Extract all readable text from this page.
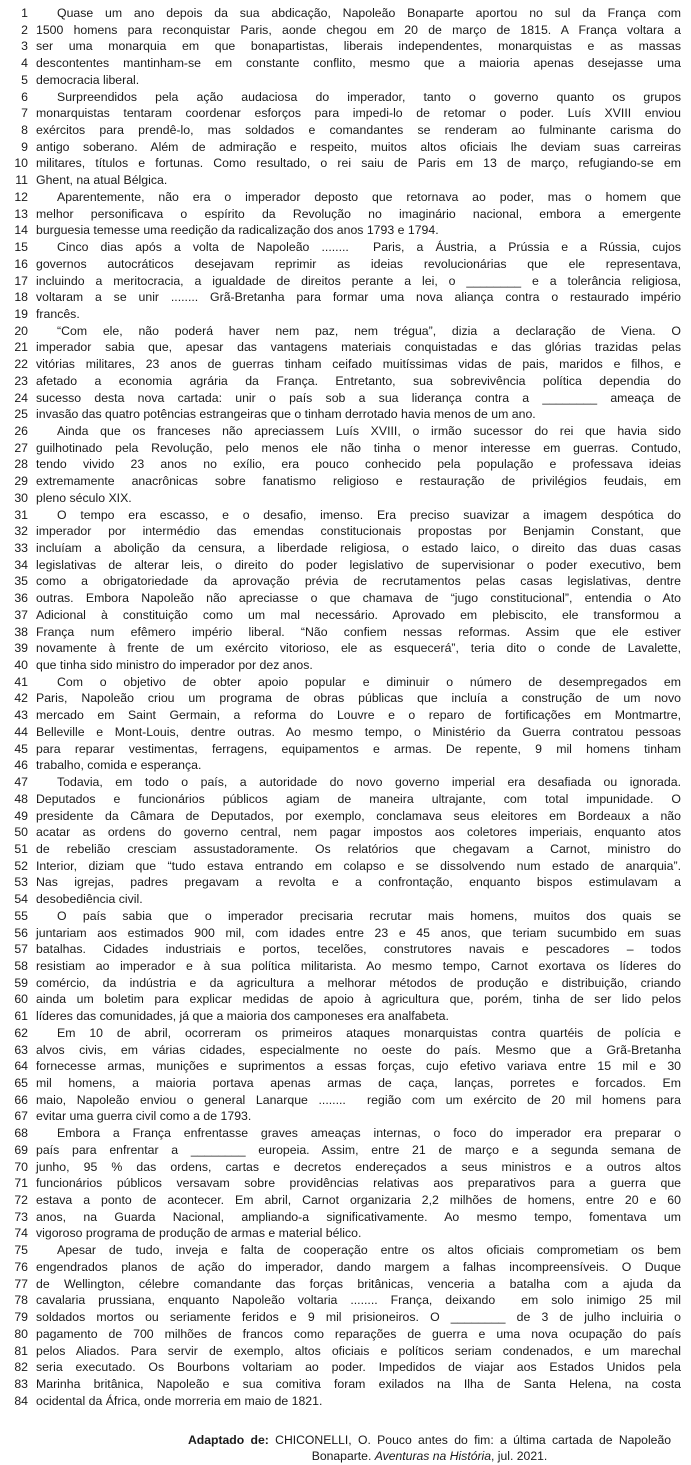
1	Quase um ano depois da sua abdicação, Napoleão Bonaparte aportou no sul da França com
2 1500 homens para reconquistar Paris, aonde chegou em 20 de março de 1815. A França voltara a
3 ser uma monarquia em que bonapartistas, liberais independentes, monarquistas e as massas
4 descontentes mantinham-se em constante conflito, mesmo que a maioria apenas desejasse uma
5 democracia liberal.
6	Surpreendidos pela ação audaciosa do imperador, tanto o governo quanto os grupos
7 monarquistas tentaram coordenar esforços para impedi-lo de retomar o poder. Luís XVIII enviou
8 exércitos para prendê-lo, mas soldados e comandantes se renderam ao fulminante carisma do
9 antigo soberano. Além de admiração e respeito, muitos altos oficiais lhe deviam suas carreiras
10 militares, títulos e fortunas. Como resultado, o rei saiu de Paris em 13 de março, refugiando-se em
11 Ghent, na atual Bélgica.
12	Aparentemente, não era o imperador deposto que retornava ao poder, mas o homem que
13 melhor personificava o espírito da Revolução no imaginário nacional, embora a emergente
14 burguesia temesse uma reedição da radicalização dos anos 1793 e 1794.
15	Cinco dias após a volta de Napoleão ........  Paris, a Áustria, a Prússia e a Rússia, cujos
16 governos autocráticos desejavam reprimir as ideias revolucionárias que ele representava,
17 incluindo a meritocracia, a igualdade de direitos perante a lei, o ________ e a tolerância religiosa,
18 voltaram a se unir ........ Grã-Bretanha para formar uma nova aliança contra o restaurado império
19 francês.
20	“Com ele, não poderá haver nem paz, nem trégua”, dizia a declaração de Viena. O
21 imperador sabia que, apesar das vantagens materiais conquistadas e das glórias trazidas pelas
22 vitórias militares, 23 anos de guerras tinham ceifado muitíssimas vidas de pais, maridos e filhos, e
23 afetado a economia agrária da França. Entretanto, sua sobrevivência política dependia do
24 sucesso desta nova cartada: unir o país sob a sua liderança contra a ________ ameaça de
25 invasão das quatro potências estrangeiras que o tinham derrotado havia menos de um ano.
26	Ainda que os franceses não apreciassem Luís XVIII, o irmão sucessor do rei que havia sido
27 guilhotinado pela Revolução, pelo menos ele não tinha o menor interesse em guerras. Contudo,
28 tendo vivido 23 anos no exílio, era pouco conhecido pela população e professava ideias
29 extremamente anacrônicas sobre fanatismo religioso e restauração de privilégios feudais, em
30 pleno século XIX.
31	O tempo era escasso, e o desafio, imenso. Era preciso suavizar a imagem despótica do
32 imperador por intermédio das emendas constitucionais propostas por Benjamin Constant, que
33 incluíam a abolição da censura, a liberdade religiosa, o estado laico, o direito das duas casas
34 legislativas de alterar leis, o direito do poder legislativo de supervisionar o poder executivo, bem
35 como a obrigatoriedade da aprovação prévia de recrutamentos pelas casas legislativas, dentre
36 outras. Embora Napoleão não apreciasse o que chamava de “jugo constitucional”, entendia o Ato
37 Adicional à constituição como um mal necessário. Aprovado em plebiscito, ele transformou a
38 França num efêmero império liberal. “Não confiem nessas reformas. Assim que ele estiver
39 novamente à frente de um exército vitorioso, ele as esquecerá”, teria dito o conde de Lavalette,
40 que tinha sido ministro do imperador por dez anos.
41	Com o objetivo de obter apoio popular e diminuir o número de desempregados em
42 Paris, Napoleão criou um programa de obras públicas que incluía a construção de um novo
43 mercado em Saint Germain, a reforma do Louvre e o reparo de fortificações em Montmartre,
44 Belleville e Mont-Louis, dentre outras. Ao mesmo tempo, o Ministério da Guerra contratou pessoas
45 para reparar vestimentas, ferragens, equipamentos e armas. De repente, 9 mil homens tinham
46 trabalho, comida e esperança.
47	Todavia, em todo o país, a autoridade do novo governo imperial era desafiada ou ignorada.
48 Deputados e funcionários públicos agiam de maneira ultrajante, com total impunidade. O
49 presidente da Câmara de Deputados, por exemplo, conclamava seus eleitores em Bordeaux a não
50 acatar as ordens do governo central, nem pagar impostos aos coletores imperiais, enquanto atos
51 de rebelião cresciam assustadoramente. Os relatórios que chegavam a Carnot, ministro do
52 Interior, diziam que “tudo estava entrando em colapso e se dissolvendo num estado de anarquia”.
53 Nas igrejas, padres pregavam a revolta e a confrontação, enquanto bispos estimulavam a
54 desobediência civil.
55	O país sabia que o imperador precisaria recrutar mais homens, muitos dos quais se
56 juntariam aos estimados 900 mil, com idades entre 23 e 45 anos, que teriam sucumbido em suas
57 batalhas. Cidades industriais e portos, tecelões, construtores navais e pescadores – todos
58 resistiam ao imperador e à sua política militarista. Ao mesmo tempo, Carnot exortava os líderes do
59 comércio, da indústria e da agricultura a melhorar métodos de produção e distribuição, criando
60 ainda um boletim para explicar medidas de apoio à agricultura que, porém, tinha de ser lido pelos
61 líderes das comunidades, já que a maioria dos camponeses era analfabeta.
62	Em 10 de abril, ocorreram os primeiros ataques monarquistas contra quartéis de polícia e
63 alvos civis, em várias cidades, especialmente no oeste do país. Mesmo que a Grã-Bretanha
64 fornecesse armas, munições e suprimentos a essas forças, cujo efetivo variava entre 15 mil e 30
65 mil homens, a maioria portava apenas armas de caça, lanças, porretes e forcados. Em
66 maio, Napoleão enviou o general Lanarque ........  região com um exército de 20 mil homens para
67 evitar uma guerra civil como a de 1793.
68	Embora a França enfrentasse graves ameaças internas, o foco do imperador era preparar o
69 país para enfrentar a ________ europeia. Assim, entre 21 de março e a segunda semana de
70 junho, 95 % das ordens, cartas e decretos endereçados a seus ministros e a outros altos
71 funcionários públicos versavam sobre providências relativas aos preparativos para a guerra que
72 estava a ponto de acontecer. Em abril, Carnot organizaria 2,2 milhões de homens, entre 20 e 60
73 anos, na Guarda Nacional, ampliando-a significativamente. Ao mesmo tempo, fomentava um
74 vigoroso programa de produção de armas e material bélico.
75	Apesar de tudo, inveja e falta de cooperação entre os altos oficiais comprometiam os bem
76 engendrados planos de ação do imperador, dando margem a falhas incompreensíveis. O Duque
77 de Wellington, célebre comandante das forças britânicas, venceria a batalha com a ajuda da
78 cavalaria prussiana, enquanto Napoleão voltaria ........ França, deixando  em solo inimigo 25 mil
79 soldados mortos ou seriamente feridos e 9 mil prisioneiros. O ________ de 3 de julho incluiria o
80 pagamento de 700 milhões de francos como reparações de guerra e uma nova ocupação do país
81 pelos Aliados. Para servir de exemplo, altos oficiais e políticos seriam condenados, e um marechal
82 seria executado. Os Bourbons voltariam ao poder. Impedidos de viajar aos Estados Unidos pela
83 Marinha britânica, Napoleão e sua comitiva foram exilados na Ilha de Santa Helena, na costa
84 ocidental da África, onde morreria em maio de 1821.
Adaptado de: CHICONELLI, O. Pouco antes do fim: a última cartada de Napoleão Bonaparte. Aventuras na História, jul. 2021.
